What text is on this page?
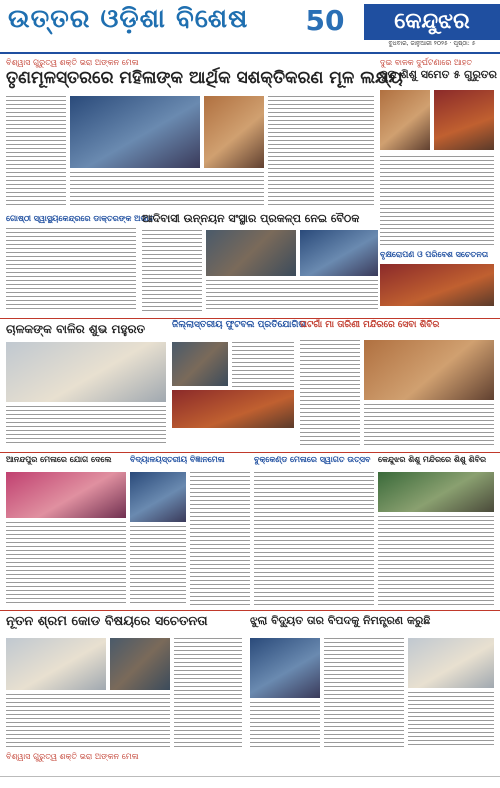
ଉତ୍ତର ଓଡ଼ିଶା ବିଶେଷ 50	କେନ୍ଦୁଝର
ବୁଧବାର, ଜାନୁଆରୀ ୨୦୨୫ · ପୃଷ୍ଠା: ୫
ବିଶ୍ୱାସ ଗୁରୁତ୍ୱ ଶକ୍ତି ଭରା ଅଙ୍କନ ମେଳା
ତୃଣମୂଳସ୍ତରରେ ମହିଳାଙ୍କ ଆର୍ଥିକ ସଶକ୍ତିକରଣ ମୂଳ ଲକ୍ଷ୍ୟ
ଦୁଇ ବାଳକ ଦୁର୍ଘଟଣାରେ ଆହତ
ଦୁଇ ଶିଶୁ ସମେତ ୫ ଗୁରୁତର
ଗୋଷ୍ଠୀ ସ୍ୱାସ୍ଥ୍ୟକେନ୍ଦ୍ରରେ ଡାକ୍ତରଙ୍କ ଅଭାବ
ଆଦିବାସୀ ଉନ୍ନୟନ ସଂସ୍ଥାର ପ୍ରକଳ୍ପ ନେଇ ବୈଠକ
ବୃକ୍ଷରୋପଣ ଓ ପରିବେଶ ସଚେତନତା
ଚାଳକଙ୍କ ବାଳିର ଶୁଭ ମହୁରତ	ଜିଲ୍ଲାସ୍ତରୀୟ ଫୁଟବଲ ପ୍ରତିଯୋଗିତା
ଘଟଗାଁ ମା ତାରିଣୀ ମନ୍ଦିରରେ ସେବା ଶିବିର
ଆନନ୍ଦପୁର ମେଳାରେ ଯୋଗ ଦେଲେ	ବିଦ୍ୟାଳୟସ୍ତରୀୟ ବିଜ୍ଞାନମେଳା	ବୁକ୍‌କେଣ୍ଡ ମେଳାରେ ସ୍ୱାଗତ ଉତ୍ସବ କେନ୍ଦୁଝର ଶିଶୁ ମନ୍ଦିରରେ ଶିଶୁ ଶିବିର
ନୂତନ ଶ୍ରମ କୋଡ ବିଷୟରେ ସଚେତନତା	ଝୁଲା ବିଦ୍ୟୁତ ତାର ବିପଦକୁ ନିମନ୍ତ୍ରଣ କରୁଛି
ବିଶ୍ୱାସ ଗୁରୁତ୍ୱ ଶକ୍ତି ଭରା ଅଙ୍କନ ମେଳା
